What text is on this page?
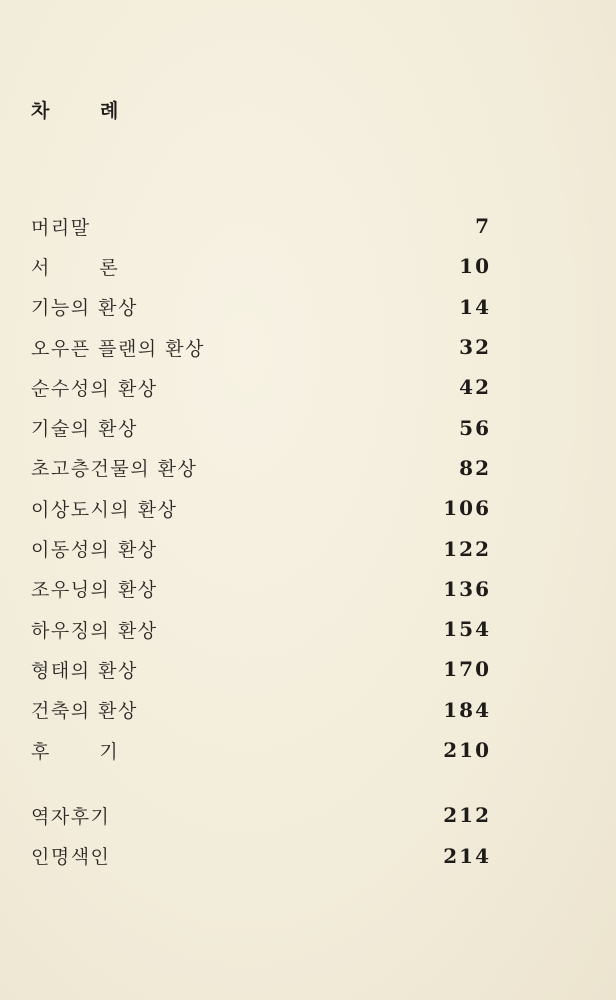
차 례
머리말	7
서 론	10
기능의 환상	14
오우픈 플랜의 환상	32
순수성의 환상	42
기술의 환상	56
초고층건물의 환상	82
이상도시의 환상	106
이동성의 환상	122
조우닝의 환상	136
하우징의 환상	154
형태의 환상	170
건축의 환상	184
후 기	210
역자후기	212
인명색인	214
